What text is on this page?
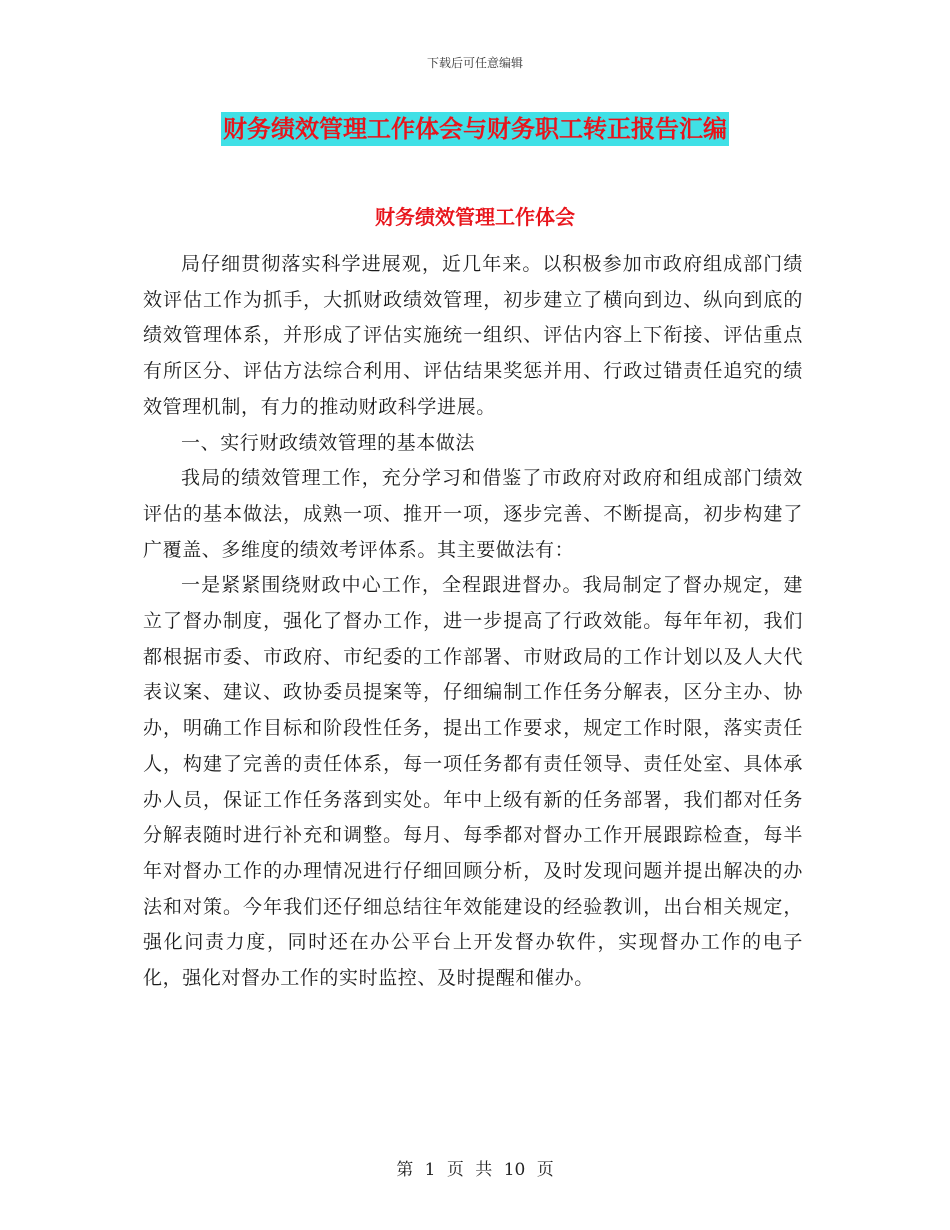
下载后可任意编辑
财务绩效管理工作体会与财务职工转正报告汇编
财务绩效管理工作体会

局仔细贯彻落实科学进展观，近几年来。以积极参加市政府组成部门绩效评估工作为抓手，大抓财政绩效管理，初步建立了横向到边、纵向到底的绩效管理体系，并形成了评估实施统一组织、评估内容上下衔接、评估重点有所区分、评估方法综合利用、评估结果奖惩并用、行政过错责任追究的绩效管理机制，有力的推动财政科学进展。

一、实行财政绩效管理的基本做法

我局的绩效管理工作，充分学习和借鉴了市政府对政府和组成部门绩效评估的基本做法，成熟一项、推开一项，逐步完善、不断提高，初步构建了广覆盖、多维度的绩效考评体系。其主要做法有：

一是紧紧围绕财政中心工作，全程跟进督办。我局制定了督办规定，建立了督办制度，强化了督办工作，进一步提高了行政效能。每年年初，我们都根据市委、市政府、市纪委的工作部署、市财政局的工作计划以及人大代表议案、建议、政协委员提案等，仔细编制工作任务分解表，区分主办、协办，明确工作目标和阶段性任务，提出工作要求，规定工作时限，落实责任人，构建了完善的责任体系，每一项任务都有责任领导、责任处室、具体承办人员，保证工作任务落到实处。年中上级有新的任务部署，我们都对任务分解表随时进行补充和调整。每月、每季都对督办工作开展跟踪检查，每半年对督办工作的办理情况进行仔细回顾分析，及时发现问题并提出解决的办法和对策。今年我们还仔细总结往年效能建设的经验教训，出台相关规定，强化问责力度，同时还在办公平台上开发督办软件，实现督办工作的电子化，强化对督办工作的实时监控、及时提醒和催办。

第 1 页 共 10 页
